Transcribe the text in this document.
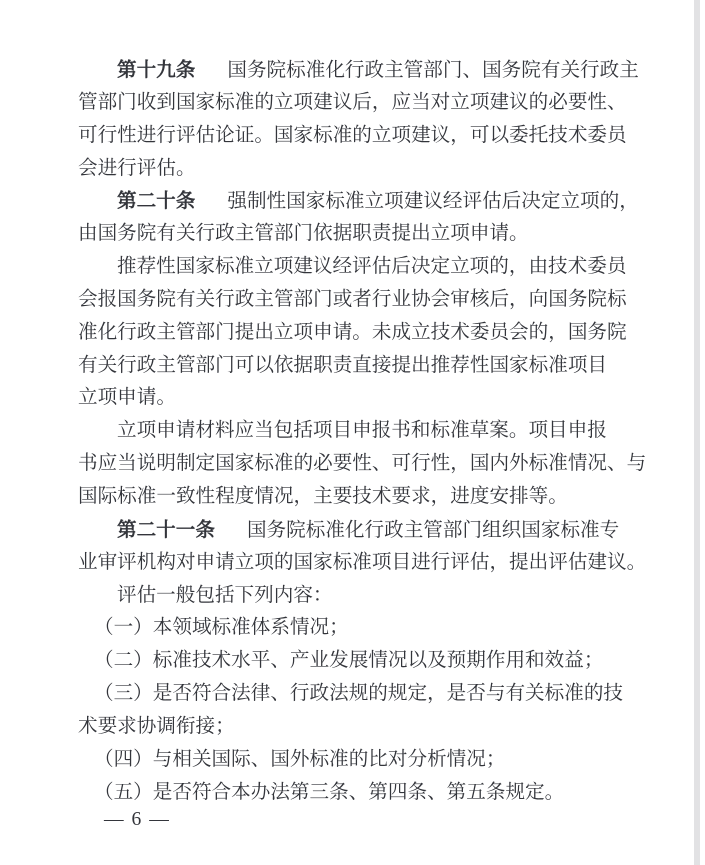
第十九条 国务院标准化行政主管部门、国务院有关行政主
管部门收到国家标准的立项建议后，应当对立项建议的必要性、
可行性进行评估论证。国家标准的立项建议，可以委托技术委员
会进行评估。
第二十条 强制性国家标准立项建议经评估后决定立项的，
由国务院有关行政主管部门依据职责提出立项申请。
推荐性国家标准立项建议经评估后决定立项的，由技术委员
会报国务院有关行政主管部门或者行业协会审核后，向国务院标
准化行政主管部门提出立项申请。未成立技术委员会的，国务院
有关行政主管部门可以依据职责直接提出推荐性国家标准项目
立项申请。
立项申请材料应当包括项目申报书和标准草案。项目申报
书应当说明制定国家标准的必要性、可行性，国内外标准情况、与
国际标准一致性程度情况，主要技术要求，进度安排等。
第二十一条 国务院标准化行政主管部门组织国家标准专
业审评机构对申请立项的国家标准项目进行评估，提出评估建议。
评估一般包括下列内容：
（一）本领域标准体系情况；
（二）标准技术水平、产业发展情况以及预期作用和效益；
（三）是否符合法律、行政法规的规定，是否与有关标准的技
术要求协调衔接；
（四）与相关国际、国外标准的比对分析情况；
（五）是否符合本办法第三条、第四条、第五条规定。
— 6 —
